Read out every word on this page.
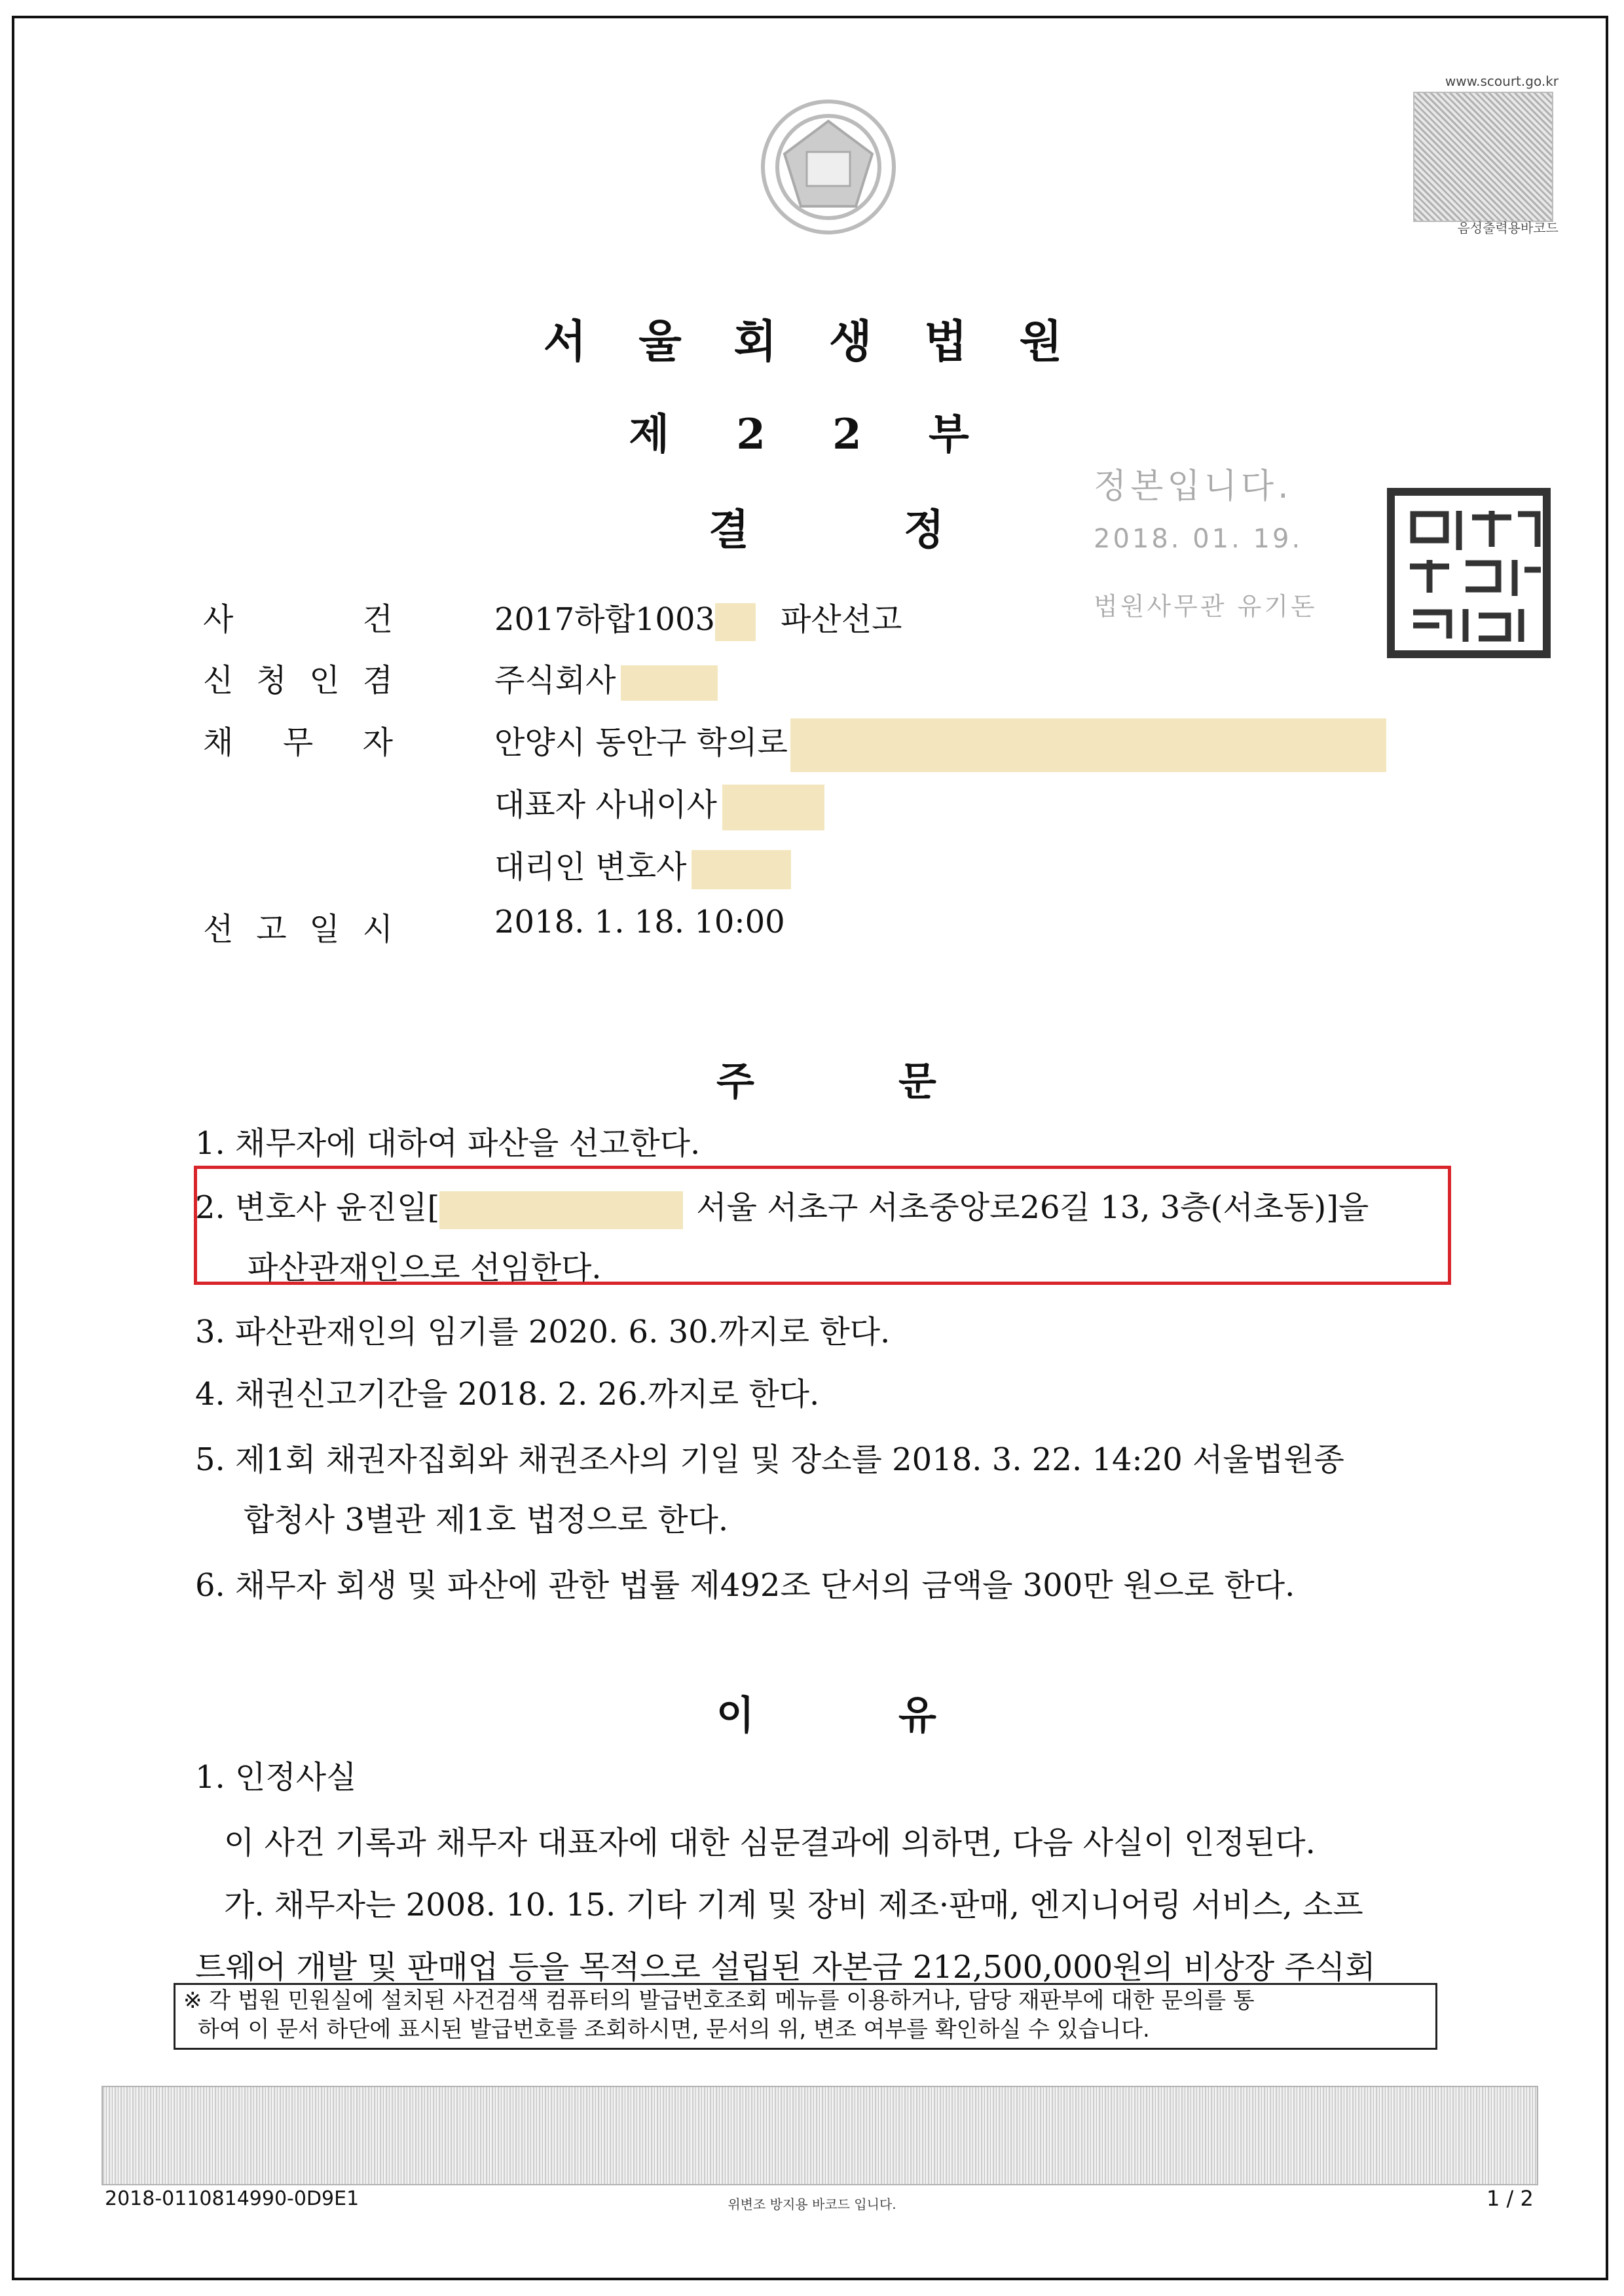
www.scourt.go.kr
음성출력용바코드
서 울 회 생 법 원
제 2 2 부
결	정
정본입니다.
2018. 01. 19.
법원사무관 유기돈
사	건	2017하합1003 파산선고
신 청 인 겸	주식회사
채 무 자	안양시 동안구 학의로
대표자 사내이사
대리인 변호사
선 고 일 시	2018. 1. 18. 10:00
주	문
1. 채무자에 대하여 파산을 선고한다.
2. 변호사 윤진일[	서울 서초구 서초중앙로26길 13, 3층(서초동)]을
파산관재인으로 선임한다.
3. 파산관재인의 임기를 2020. 6. 30.까지로 한다.
4. 채권신고기간을 2018. 2. 26.까지로 한다.
5. 제1회 채권자집회와 채권조사의 기일 및 장소를 2018. 3. 22. 14:20 서울법원종
합청사 3별관 제1호 법정으로 한다.
6. 채무자 회생 및 파산에 관한 법률 제492조 단서의 금액을 300만 원으로 한다.
이	유
1. 인정사실
이 사건 기록과 채무자 대표자에 대한 심문결과에 의하면, 다음 사실이 인정된다.
가. 채무자는 2008. 10. 15. 기타 기계 및 장비 제조·판매, 엔지니어링 서비스, 소프
트웨어 개발 및 판매업 등을 목적으로 설립된 자본금 212,500,000원의 비상장 주식회
※ 각 법원 민원실에 설치된 사건검색 컴퓨터의 발급번호조회 메뉴를 이용하거나, 담당 재판부에 대한 문의를 통
하여 이 문서 하단에 표시된 발급번호를 조회하시면, 문서의 위, 변조 여부를 확인하실 수 있습니다.
2018-0110814990-0D9E1	위변조 방지용 바코드 입니다.	1 / 2
